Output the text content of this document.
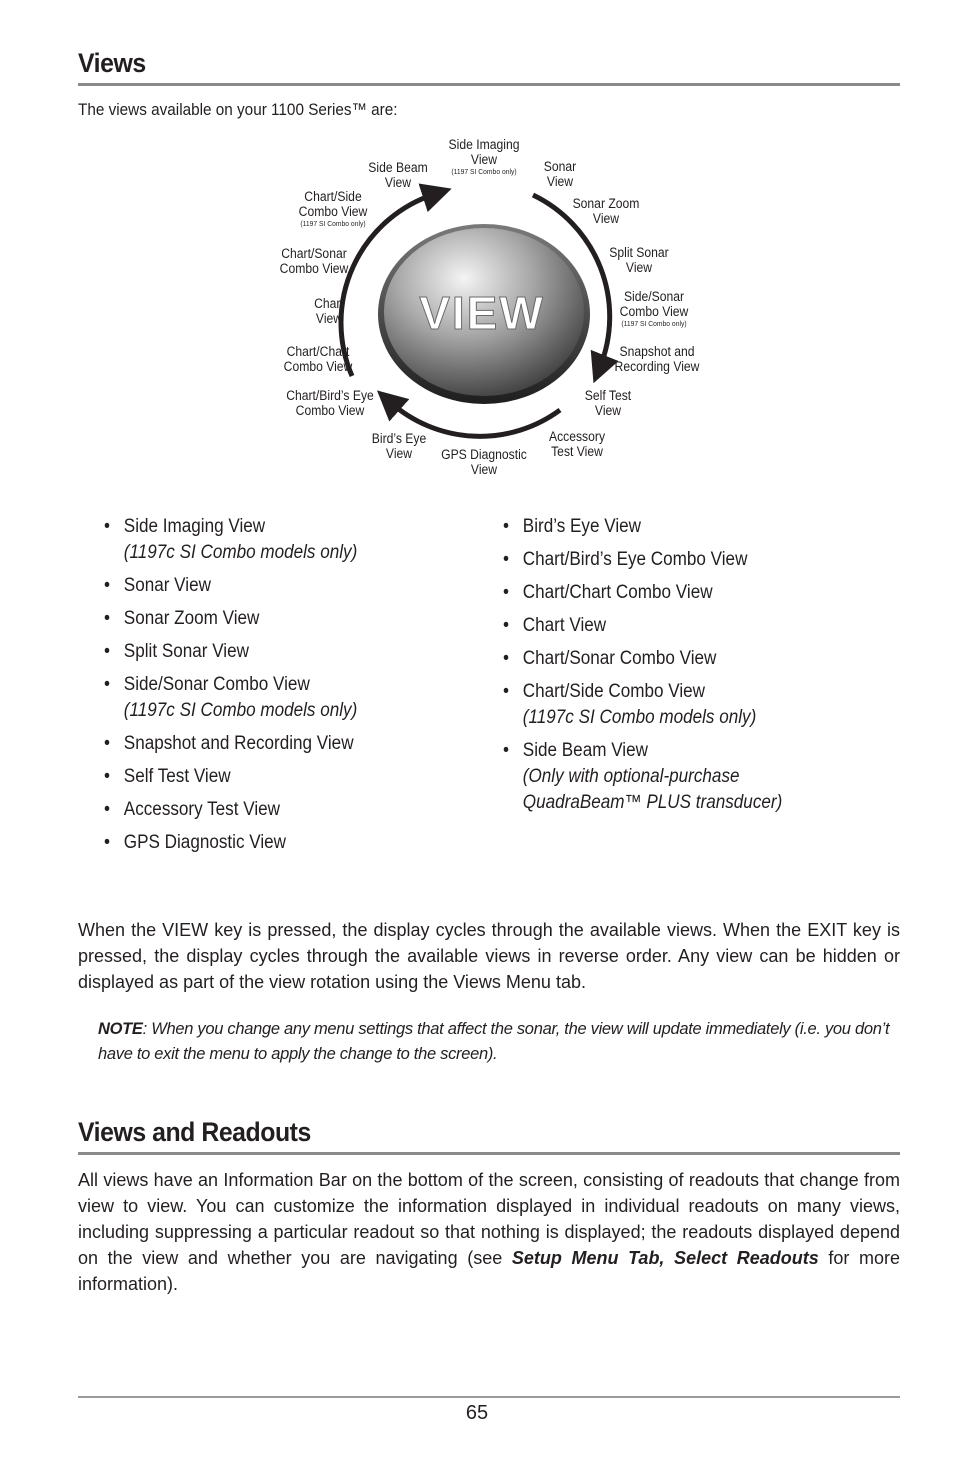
Views
The views available on your 1100 Series™ are:
VIEW
Side Imaging
View
(1197 SI Combo only) Sonar
View
Sonar Zoom
View
Split Sonar
View
Side/Sonar
Combo View
(1197 SI Combo only)
Snapshot and
Recording View
Self Test
View
Accessory
Test View
GPS Diagnostic
View
Bird’s Eye
View
Chart/Bird’s Eye
Combo View
Chart/Chart
Combo View
Chart
View
Chart/Sonar
Combo View
Chart/Side
Combo View
(1197 SI Combo only)
Side Beam
View
• Side Imaging View
(1197c SI Combo models only)
• Sonar View
• Sonar Zoom View
• Split Sonar View
• Side/Sonar Combo View
(1197c SI Combo models only)
• Snapshot and Recording View
• Self Test View
• Accessory Test View
• GPS Diagnostic View
• Bird’s Eye View
• Chart/Bird’s Eye Combo View
• Chart/Chart Combo View
• Chart View
• Chart/Sonar Combo View
• Chart/Side Combo View
(1197c SI Combo models only)
• Side Beam View
(Only with optional-purchase
QuadraBeam™ PLUS transducer)

When the VIEW key is pressed, the display cycles through the available views. When the EXIT key is pressed, the display cycles through the available views in reverse order. Any view can be hidden or displayed as part of the view rotation using the Views Menu tab.

NOTE: When you change any menu settings that affect the sonar, the view will update immediately (i.e. you don’t have to exit the menu to apply the change to the screen).

Views and Readouts

All views have an Information Bar on the bottom of the screen, consisting of readouts that change from view to view. You can customize the information displayed in individual readouts on many views, including suppressing a particular readout so that nothing is displayed; the readouts displayed depend on the view and whether you are navigating (see Setup Menu Tab, Select Readouts for more information).

65
